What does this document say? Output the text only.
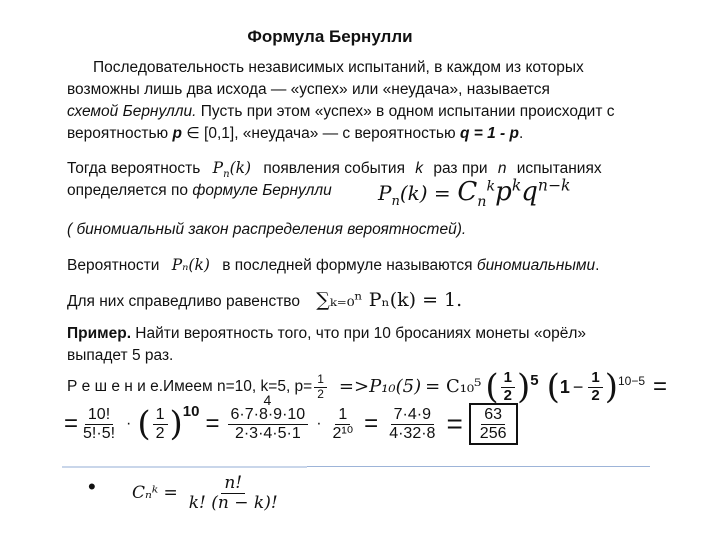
Формула Бернулли
Последовательность независимых испытаний, в каждом из которых
возможны лишь два исхода — «успех» или «неудача», называется
схемой Бернулли. Пусть при этом «успех» в одном испытании происходит с
вероятностью p ∈ [0,1], «неудача» — с вероятностью q = 1 - p.
Тогда вероятность $P_n(k)$ появления события k раз при n испытаниях
определяется по формуле Бернулли $P_n(k) = C_n^kp^kq^{n-k}$
( биномиальный закон распределения вероятностей).
Вероятности Pₙ(k) в последней формуле называются биномиальными.
Для них справедливо равенство ∑ₖ₌₀ⁿ Pₙ(k) = 1.
Пример. Найти вероятность того, что при 10 бросаниях монеты «орёл»
выпадет 5 раз.
Р е ш е н и е. Имеем n=10, k=5, $p= \frac{1}{2} => P_{10}(5) = C_{10}^5$ ( $\frac{1}{2}$ ) 5 ( $1 - \frac{1}{2} )^{10-5}$ =
= $\frac{10!}{5!\cdot 5!}$ · ( $\frac{1}{2}$ ) 10 =
4
$\frac{6\cdot 7\cdot 8\cdot 9\cdot 10}{2\cdot 3\cdot 4\cdot 5\cdot 1} \cdot \frac{1}{\text{2¹⁰}} = \frac{7\cdot 4\cdot 9}{4\cdot 32\cdot 8} = \frac{63}{256}$
• Cₙᵏ = $\frac{n!}{k! (n - k)!}$
